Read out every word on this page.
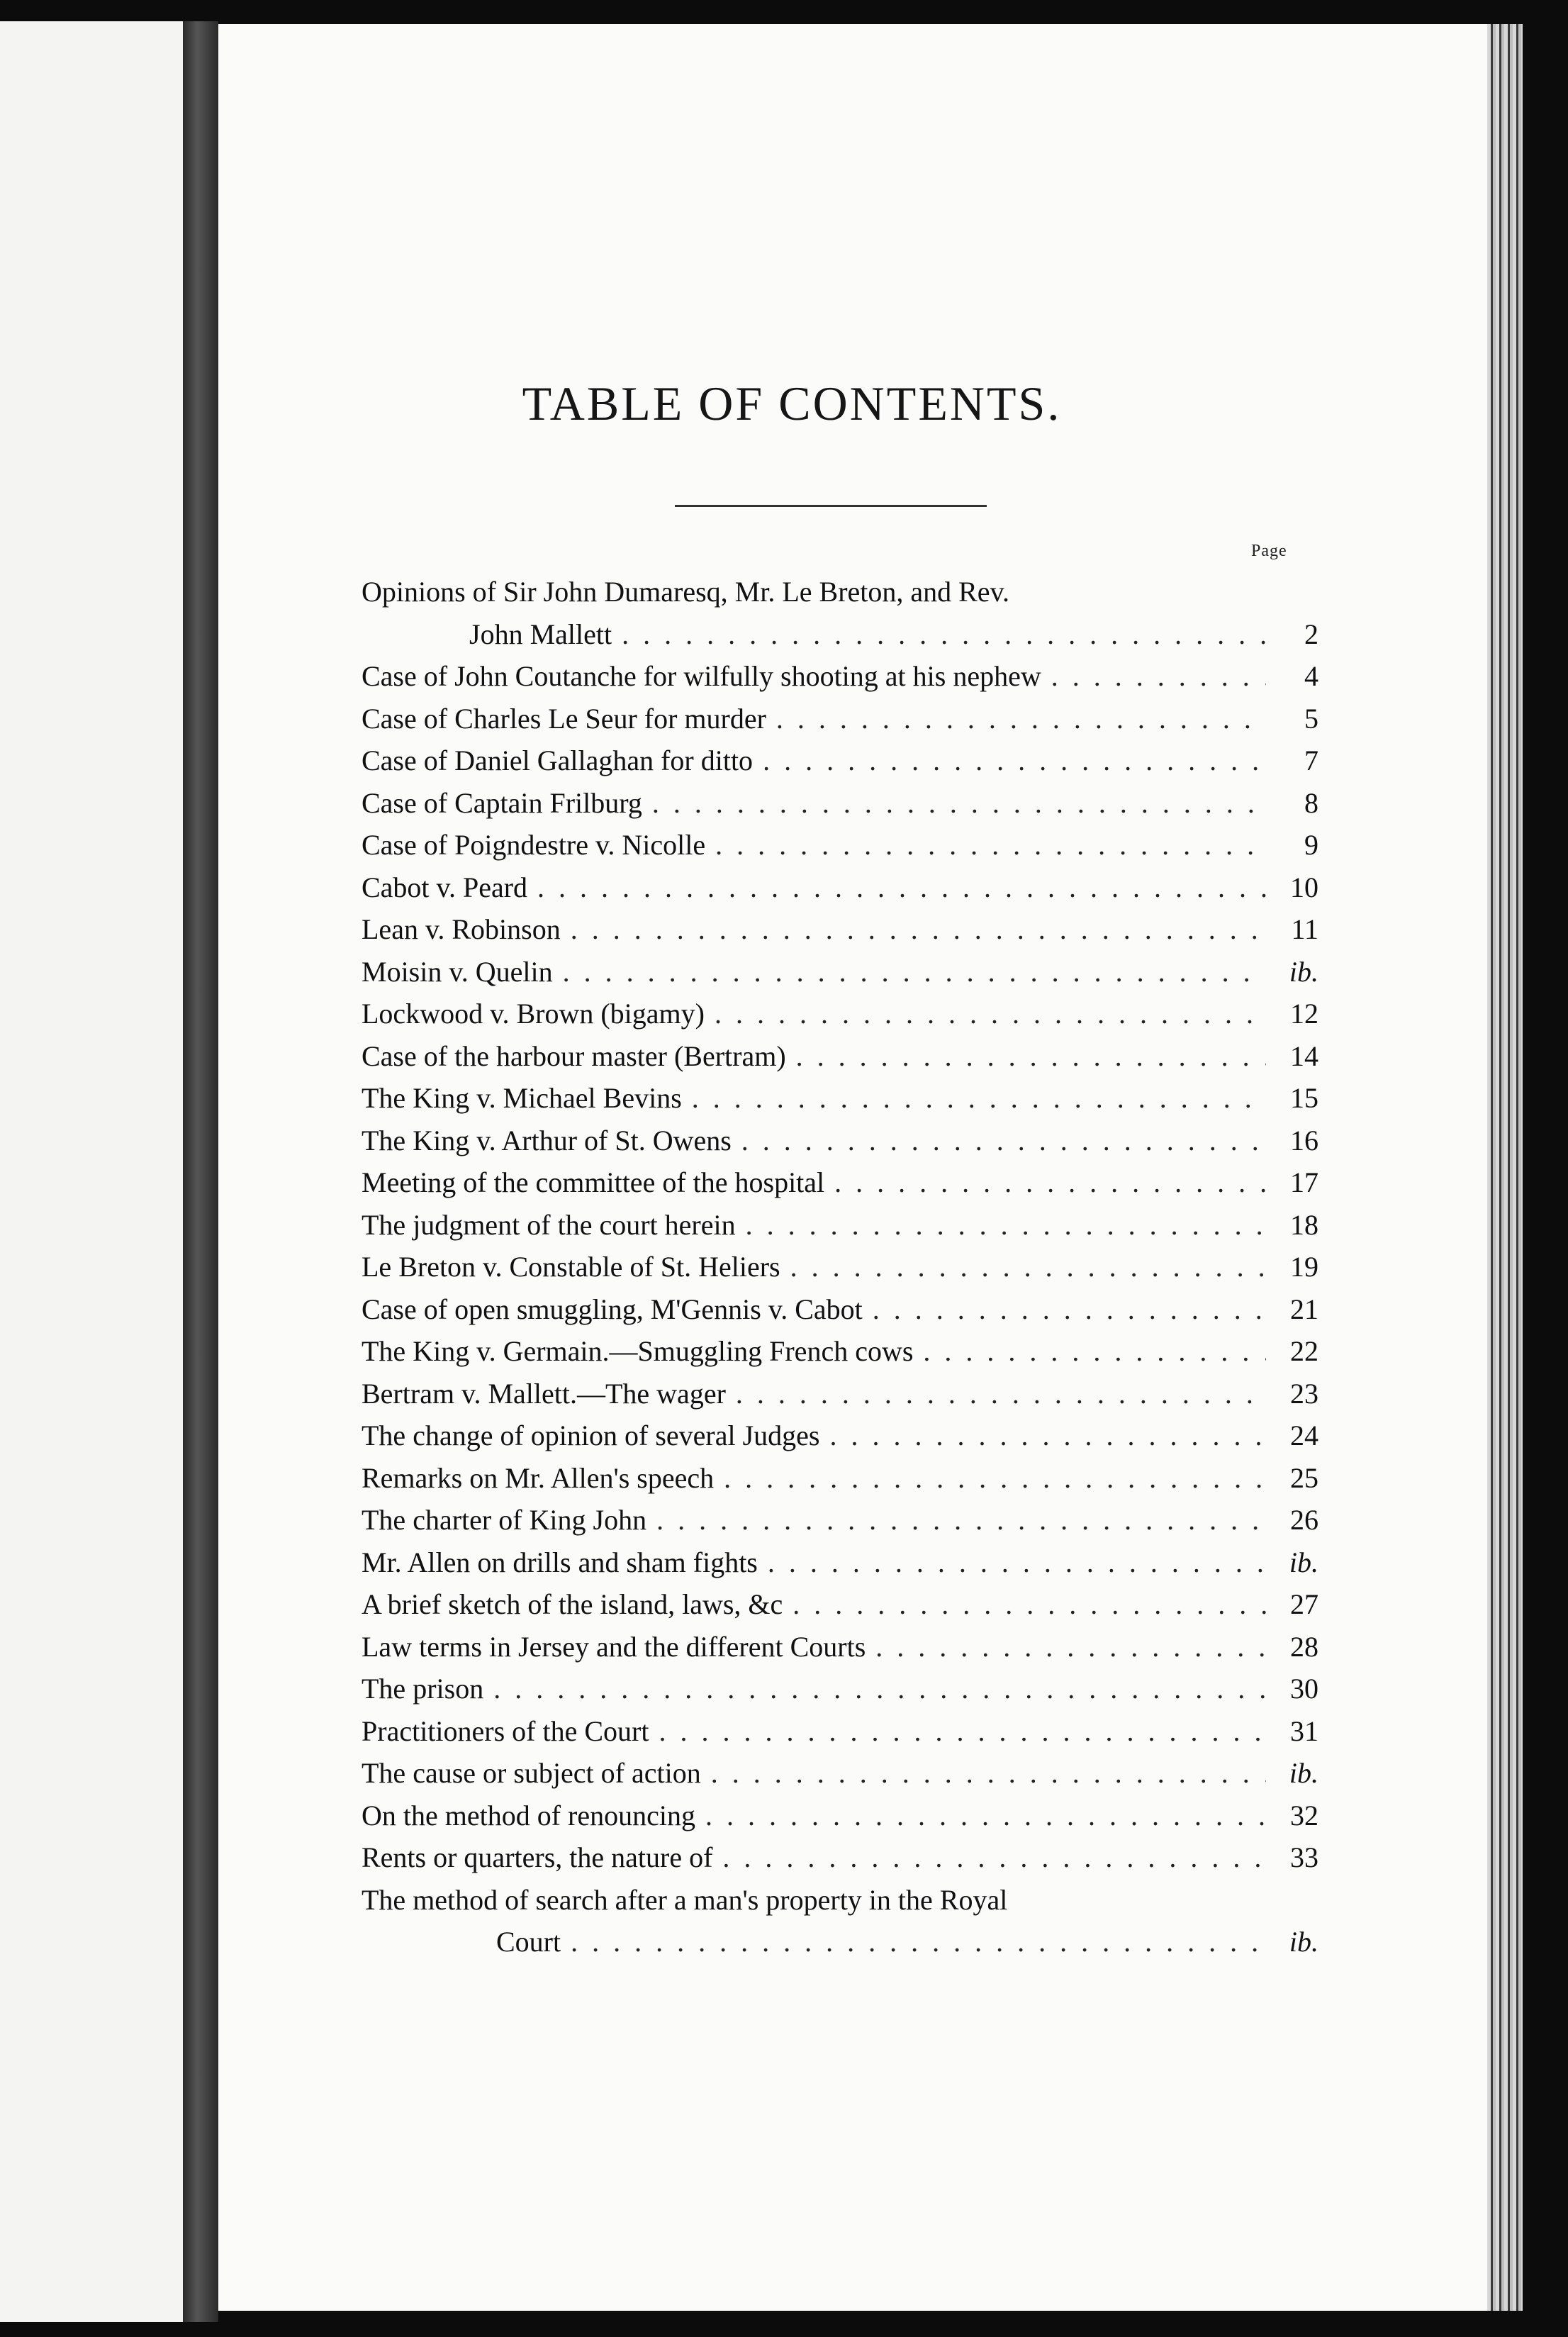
TABLE OF CONTENTS.
Page
Opinions of Sir John Dumaresq, Mr. Le Breton, and Rev.
John Mallett . . .	2
Case of John Coutanche for wilfully shooting at his nephew . . .	4
Case of Charles Le Seur for murder . . .	5
Case of Daniel Gallaghan for ditto . . .	7
Case of Captain Frilburg . . .	8
Case of Poigndestre v. Nicolle . . .	9
Cabot v. Peard . . .	10
Lean v. Robinson . . .	11
Moisin v. Quelin . . .	ib.
Lockwood v. Brown (bigamy) . . .	12
Case of the harbour master (Bertram) . . .	14
The King v. Michael Bevins . . .	15
The King v. Arthur of St. Owens . . .	16
Meeting of the committee of the hospital . . .	17
The judgment of the court herein . . .	18
Le Breton v. Constable of St. Heliers . . .	19
Case of open smuggling, M'Gennis v. Cabot . . .	21
The King v. Germain.—Smuggling French cows . . .	22
Bertram v. Mallett.—The wager . . .	23
The change of opinion of several Judges . . .	24
Remarks on Mr. Allen's speech . . .	25
The charter of King John . . .	26
Mr. Allen on drills and sham fights . . .	ib.
A brief sketch of the island, laws, &c . . .	27
Law terms in Jersey and the different Courts . . .	28
The prison . . .	30
Practitioners of the Court . . .	31
The cause or subject of action . . .	ib.
On the method of renouncing . . .	32
Rents or quarters, the nature of . . .	33
The method of search after a man's property in the Royal
Court . . .	ib.
